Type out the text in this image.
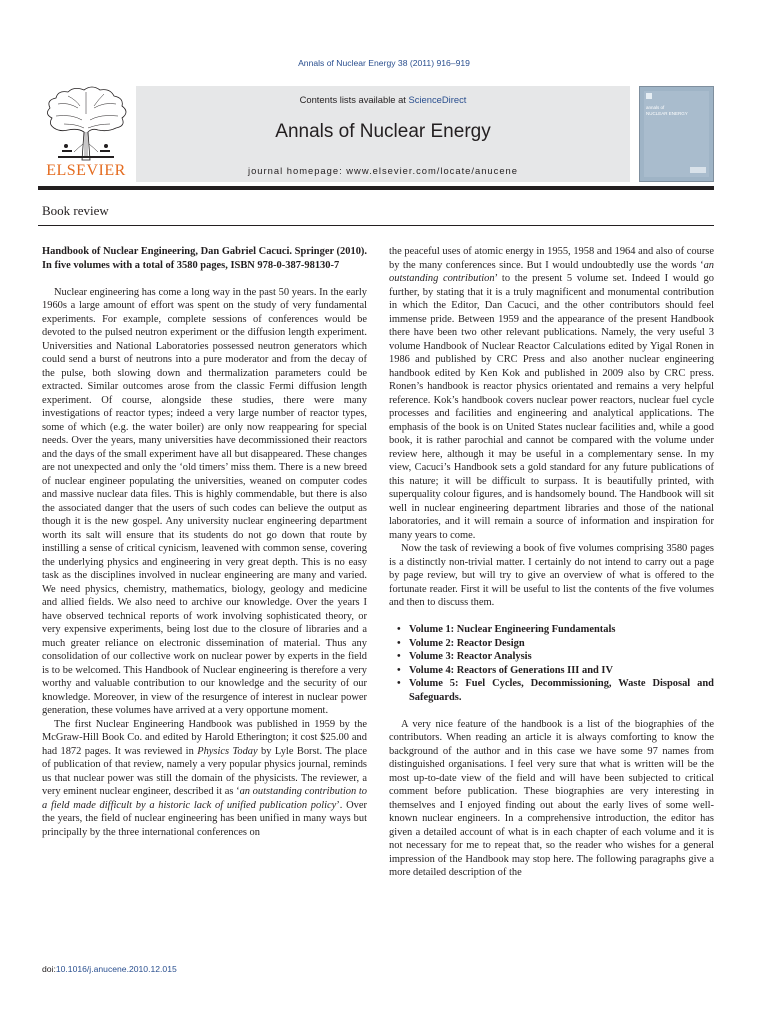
Annals of Nuclear Energy 38 (2011) 916–919
ELSEVIER
Contents lists available at ScienceDirect
Annals of Nuclear Energy
journal homepage: www.elsevier.com/locate/anucene
annals of
NUCLEAR ENERGY
Book review

Handbook of Nuclear Engineering, Dan Gabriel Cacuci. Springer (2010). In five volumes with a total of 3580 pages, ISBN 978-0-387-98130-7

Nuclear engineering has come a long way in the past 50 years. In the early 1960s a large amount of effort was spent on the study of very fundamental experiments. For example, complete sessions of conferences would be devoted to the pulsed neutron experiment or the diffusion length experiment. Universities and National Laboratories possessed neutron generators which could send a burst of neutrons into a pure moderator and from the decay of the pulse, both slowing down and thermalization parameters could be extracted. Similar outcomes arose from the classic Fermi diffusion length experiment. Of course, alongside these studies, there were many investigations of reactor types; indeed a very large number of reactor types, some of which (e.g. the water boiler) are only now reappearing for special needs. Over the years, many universities have decommissioned their reactors and the days of the small experiment have all but disappeared. These changes are not unexpected and only the ‘old timers’ miss them. There is a new breed of nuclear engineer populating the universities, weaned on computer codes and massive nuclear data files. This is highly commendable, but there is also the associated danger that the users of such codes can believe the output as though it is the new gospel. Any university nuclear engineering department worth its salt will ensure that its students do not go down that route by instilling a sense of critical cynicism, leavened with common sense, covering the underlying physics and engineering in very great depth. This is no easy task as the disciplines involved in nuclear engineering are many and varied. We need physics, chemistry, mathematics, biology, geology and medicine and allied fields. We also need to archive our knowledge. Over the years I have observed technical reports of work involving sophisticated theory, or very expensive experiments, being lost due to the closure of libraries and a much greater reliance on electronic dissemination of material. Thus any consolidation of our collective work on nuclear power by experts in the field is to be welcomed. This Handbook of Nuclear engineering is therefore a very worthy and valuable contribution to our knowledge and the security of our knowledge. Moreover, in view of the resurgence of interest in nuclear power generation, these volumes have arrived at a very opportune moment.

The first Nuclear Engineering Handbook was published in 1959 by the McGraw-Hill Book Co. and edited by Harold Etherington; it cost $25.00 and had 1872 pages. It was reviewed in Physics Today by Lyle Borst. The place of publication of that review, namely a very popular physics journal, reminds us that nuclear power was still the domain of the physicists. The reviewer, a very eminent nuclear engineer, described it as ‘an outstanding contribution to a field made difficult by a historic lack of unified publication policy’. Over the years, the field of nuclear engineering has been unified in many ways but principally by the three international conferences on

the peaceful uses of atomic energy in 1955, 1958 and 1964 and also of course by the many conferences since. But I would undoubtedly use the words ‘an outstanding contribution’ to the present 5 volume set. Indeed I would go further, by stating that it is a truly magnificent and monumental contribution in which the Editor, Dan Cacuci, and the other contributors should feel immense pride. Between 1959 and the appearance of the present Handbook there have been two other relevant publications. Namely, the very useful 3 volume Handbook of Nuclear Reactor Calculations edited by Yigal Ronen in 1986 and published by CRC Press and also another nuclear engineering handbook edited by Ken Kok and published in 2009 also by CRC press. Ronen’s handbook is reactor physics orientated and remains a very helpful reference. Kok’s handbook covers nuclear power reactors, nuclear fuel cycle processes and facilities and engineering and analytical applications. The emphasis of the book is on United States nuclear facilities and, while a good book, it is rather parochial and cannot be compared with the volume under review here, although it may be useful in a complementary sense. In my view, Cacuci’s Handbook sets a gold standard for any future publications of this nature; it will be difficult to surpass. It is beautifully printed, with superquality colour figures, and is handsomely bound. The Handbook will sit well in nuclear engineering department libraries and those of the national laboratories, and it will remain a source of information and inspiration for many years to come.

Now the task of reviewing a book of five volumes comprising 3580 pages is a distinctly non-trivial matter. I certainly do not intend to carry out a page by page review, but will try to give an overview of what is offered to the fortunate reader. First it will be useful to list the contents of the five volumes and then to discuss them.

• Volume 1: Nuclear Engineering Fundamentals
• Volume 2: Reactor Design
• Volume 3: Reactor Analysis
• Volume 4: Reactors of Generations III and IV
• Volume 5: Fuel Cycles, Decommissioning, Waste Disposal and Safeguards.

A very nice feature of the handbook is a list of the biographies of the contributors. When reading an article it is always comforting to know the background of the author and in this case we have some 97 names from distinguished organisations. I feel very sure that what is written will be the most up-to-date view of the field and will have been subjected to critical comment before publication. These biographies are very interesting in themselves and I enjoyed finding out about the early lives of some well-known nuclear engineers. In a comprehensive introduction, the editor has given a detailed account of what is in each chapter of each volume and it is not necessary for me to repeat that, so the reader who wishes for a general impression of the Handbook may stop here. The following paragraphs give a more detailed description of the

doi:10.1016/j.anucene.2010.12.015
